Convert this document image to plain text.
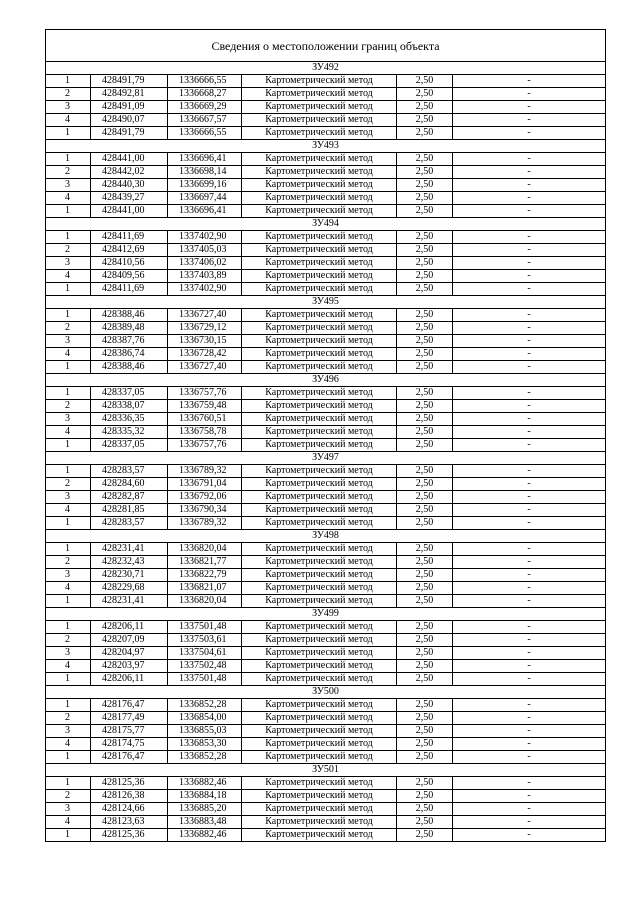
Сведения о местоположении границ объекта					
ЗУ492					
1	428491,79	1336666,55	Картометрический метод	2,50	-
2	428492,81	1336668,27	Картометрический метод	2,50	-
3	428491,09	1336669,29	Картометрический метод	2,50	-
4	428490,07	1336667,57	Картометрический метод	2,50	-
1	428491,79	1336666,55	Картометрический метод	2,50	-
ЗУ493					
1	428441,00	1336696,41	Картометрический метод	2,50	-
2	428442,02	1336698,14	Картометрический метод	2,50	-
3	428440,30	1336699,16	Картометрический метод	2,50	-
4	428439,27	1336697,44	Картометрический метод	2,50	-
1	428441,00	1336696,41	Картометрический метод	2,50	-
ЗУ494					
1	428411,69	1337402,90	Картометрический метод	2,50	-
2	428412,69	1337405,03	Картометрический метод	2,50	-
3	428410,56	1337406,02	Картометрический метод	2,50	-
4	428409,56	1337403,89	Картометрический метод	2,50	-
1	428411,69	1337402,90	Картометрический метод	2,50	-
ЗУ495					
1	428388,46	1336727,40	Картометрический метод	2,50	-
2	428389,48	1336729,12	Картометрический метод	2,50	-
3	428387,76	1336730,15	Картометрический метод	2,50	-
4	428386,74	1336728,42	Картометрический метод	2,50	-
1	428388,46	1336727,40	Картометрический метод	2,50	-
ЗУ496					
1	428337,05	1336757,76	Картометрический метод	2,50	-
2	428338,07	1336759,48	Картометрический метод	2,50	-
3	428336,35	1336760,51	Картометрический метод	2,50	-
4	428335,32	1336758,78	Картометрический метод	2,50	-
1	428337,05	1336757,76	Картометрический метод	2,50	-
ЗУ497					
1	428283,57	1336789,32	Картометрический метод	2,50	-
2	428284,60	1336791,04	Картометрический метод	2,50	-
3	428282,87	1336792,06	Картометрический метод	2,50	-
4	428281,85	1336790,34	Картометрический метод	2,50	-
1	428283,57	1336789,32	Картометрический метод	2,50	-
ЗУ498					
1	428231,41	1336820,04	Картометрический метод	2,50	-
2	428232,43	1336821,77	Картометрический метод	2,50	-
3	428230,71	1336822,79	Картометрический метод	2,50	-
4	428229,68	1336821,07	Картометрический метод	2,50	-
1	428231,41	1336820,04	Картометрический метод	2,50	-
ЗУ499					
1	428206,11	1337501,48	Картометрический метод	2,50	-
2	428207,09	1337503,61	Картометрический метод	2,50	-
3	428204,97	1337504,61	Картометрический метод	2,50	-
4	428203,97	1337502,48	Картометрический метод	2,50	-
1	428206,11	1337501,48	Картометрический метод	2,50	-
ЗУ500					
1	428176,47	1336852,28	Картометрический метод	2,50	-
2	428177,49	1336854,00	Картометрический метод	2,50	-
3	428175,77	1336855,03	Картометрический метод	2,50	-
4	428174,75	1336853,30	Картометрический метод	2,50	-
1	428176,47	1336852,28	Картометрический метод	2,50	-
ЗУ501					
1	428125,36	1336882,46	Картометрический метод	2,50	-
2	428126,38	1336884,18	Картометрический метод	2,50	-
3	428124,66	1336885,20	Картометрический метод	2,50	-
4	428123,63	1336883,48	Картометрический метод	2,50	-
1	428125,36	1336882,46	Картометрический метод	2,50	-
